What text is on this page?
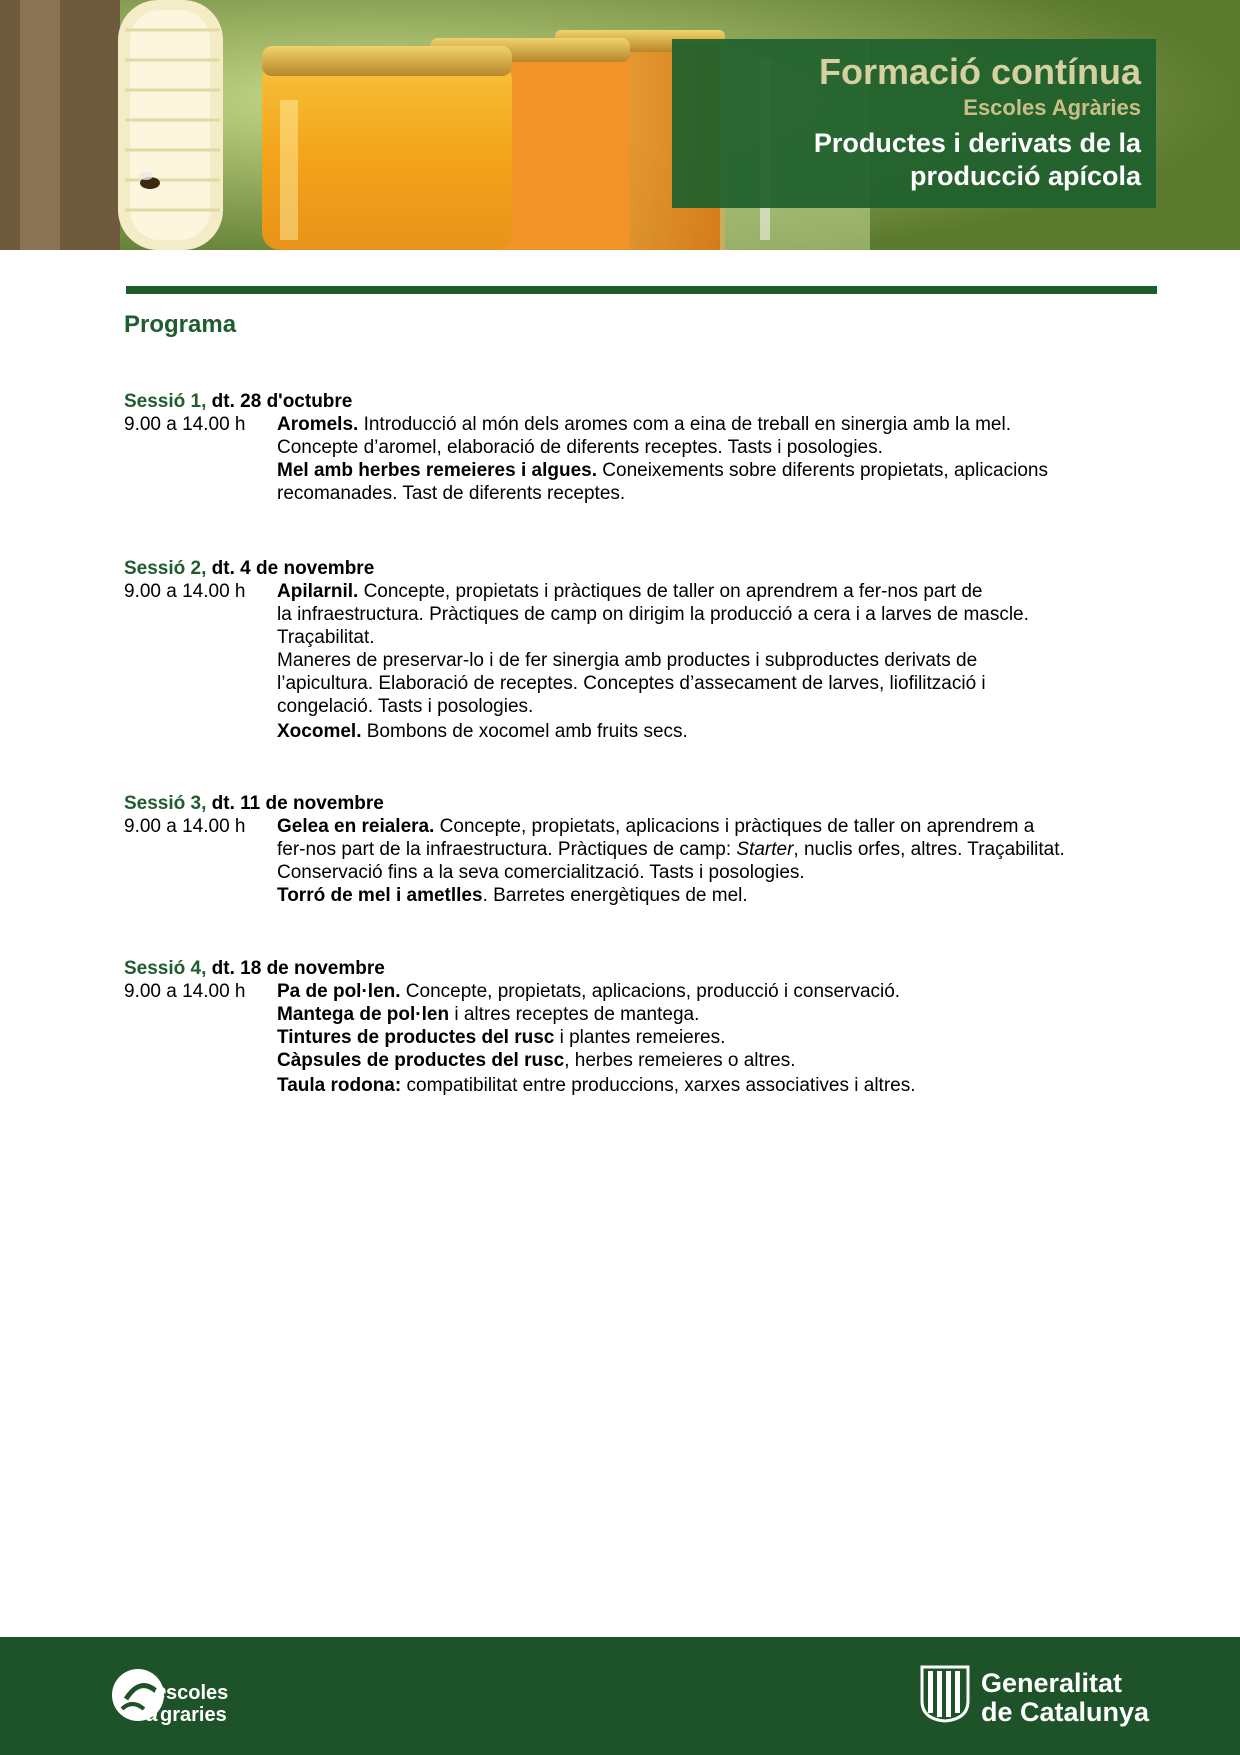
Formació contínua
Escoles Agràries
Productes i derivats de la
producció apícola
Programa
Sessió 1, dt. 28 d'octubre
9.00 a 14.00 h	Aromels. Introducció al món dels aromes com a eina de treball en sinergia amb la mel.

Concepte d’aromel, elaboració de diferents receptes. Tasts i posologies.

Mel amb herbes remeieres i algues. Coneixements sobre diferents propietats, aplicacions

recomanades. Tast de diferents receptes.

Sessió 2, dt. 4 de novembre
9.00 a 14.00 h	Apilarnil. Concepte, propietats i pràctiques de taller on aprendrem a fer-nos part de

la infraestructura. Pràctiques de camp on dirigim la producció a cera i a larves de mascle.

Traçabilitat.

Maneres de preservar-lo i de fer sinergia amb productes i subproductes derivats de

l’apicultura. Elaboració de receptes. Conceptes d’assecament de larves, liofilització i

congelació. Tasts i posologies.

Xocomel. Bombons de xocomel amb fruits secs.

Sessió 3, dt. 11 de novembre
9.00 a 14.00 h	Gelea en reialera. Concepte, propietats, aplicacions i pràctiques de taller on aprendrem a

fer-nos part de la infraestructura. Pràctiques de camp: Starter, nuclis orfes, altres. Traçabilitat.

Conservació fins a la seva comercialització. Tasts i posologies.

Torró de mel i ametlles. Barretes energètiques de mel.

Sessió 4, dt. 18 de novembre
9.00 a 14.00 h	Pa de pol·len. Concepte, propietats, aplicacions, producció i conservació.

Mantega de pol·len i altres receptes de mantega.

Tintures de productes del rusc i plantes remeieres.

Càpsules de productes del rusc, herbes remeieres o altres.

Taula rodona: compatibilitat entre produccions, xarxes associatives i altres.

e scoles
a graries
Generalitat
de Catalunya
